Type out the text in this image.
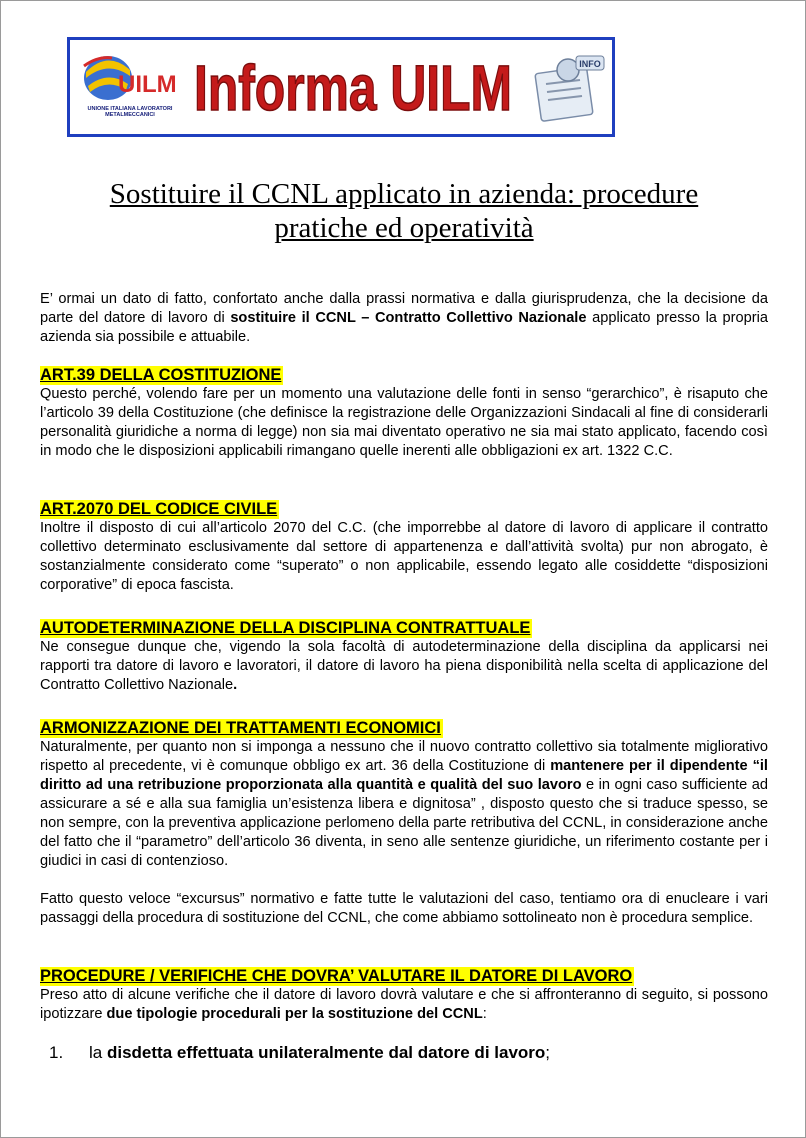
UILM
UNIONE ITALIANA LAVORATORI METALMECCANICI Informa UILM	INFO
Sostituire il CCNL applicato in azienda: procedure
pratiche ed operatività
E’ ormai un dato di fatto, confortato anche dalla prassi normativa e dalla giurisprudenza, che la decisione da parte del datore di lavoro di sostituire il CCNL – Contratto Collettivo Nazionale applicato presso la propria azienda sia possibile e attuabile.
ART.39 DELLA COSTITUZIONE
Questo perché, volendo fare per un momento una valutazione delle fonti in senso “gerarchico”, è risaputo che l’articolo 39 della Costituzione (che definisce la registrazione delle Organizzazioni Sindacali al fine di considerarli personalità giuridiche a norma di legge) non sia mai diventato operativo ne sia mai stato applicato, facendo così in modo che le disposizioni applicabili rimangano quelle inerenti alle obbligazioni ex art. 1322 C.C.
ART.2070 DEL CODICE CIVILE
Inoltre il disposto di cui all’articolo 2070 del C.C. (che imporrebbe al datore di lavoro di applicare il contratto collettivo determinato esclusivamente dal settore di appartenenza e dall’attività svolta) pur non abrogato, è sostanzialmente considerato come “superato” o non applicabile, essendo legato alle cosiddette “disposizioni corporative” di epoca fascista.
AUTODETERMINAZIONE DELLA DISCIPLINA CONTRATTUALE
Ne consegue dunque che, vigendo la sola facoltà di autodeterminazione della disciplina da applicarsi nei rapporti tra datore di lavoro e lavoratori, il datore di lavoro ha piena disponibilità nella scelta di applicazione del Contratto Collettivo Nazionale.
ARMONIZZAZIONE DEI TRATTAMENTI ECONOMICI
Naturalmente, per quanto non si imponga a nessuno che il nuovo contratto collettivo sia totalmente migliorativo rispetto al precedente, vi è comunque obbligo ex art. 36 della Costituzione di mantenere per il dipendente “il diritto ad una retribuzione proporzionata alla quantità e qualità del suo lavoro e in ogni caso sufficiente ad assicurare a sé e alla sua famiglia un’esistenza libera e dignitosa” , disposto questo che si traduce spesso, se non sempre, con la preventiva applicazione perlomeno della parte retributiva del CCNL, in considerazione anche del fatto che il “parametro” dell’articolo 36 diventa, in seno alle sentenze giuridiche, un riferimento costante per i giudici in casi di contenzioso.
Fatto questo veloce “excursus” normativo e fatte tutte le valutazioni del caso, tentiamo ora di enucleare i vari passaggi della procedura di sostituzione del CCNL, che come abbiamo sottolineato non è procedura semplice.
PROCEDURE / VERIFICHE CHE DOVRA’ VALUTARE IL DATORE DI LAVORO
Preso atto di alcune verifiche che il datore di lavoro dovrà valutare e che si affronteranno di seguito, si possono ipotizzare due tipologie procedurali per la sostituzione del CCNL:
1. la disdetta effettuata unilateralmente dal datore di lavoro;
